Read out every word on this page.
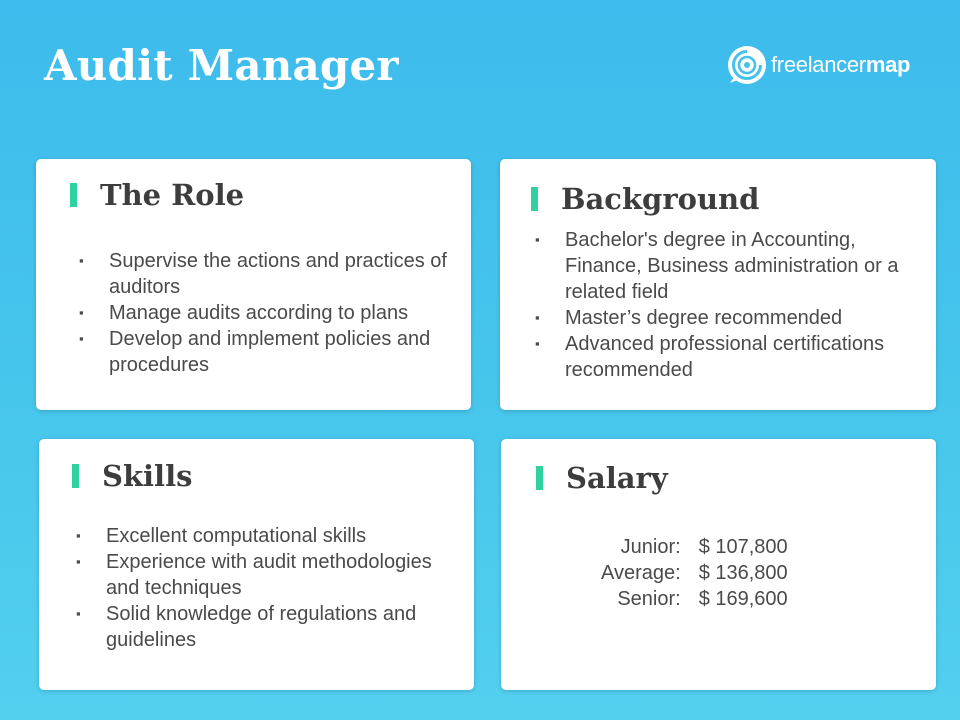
Audit Manager	freelancermap
The Role
▪ Supervise the actions and practices of auditors
▪ Manage audits according to plans
▪ Develop and implement policies and procedures
Background
▪ Bachelor's degree in Accounting, Finance, Business administration or a related field
▪ Master’s degree recommended
▪ Advanced professional certifications recommended
Skills
▪ Excellent computational skills
▪ Experience with audit methodologies and techniques
▪ Solid knowledge of regulations and guidelines
Salary
Junior:	$ 107,800
Average:	$ 136,800
Senior:	$ 169,600
